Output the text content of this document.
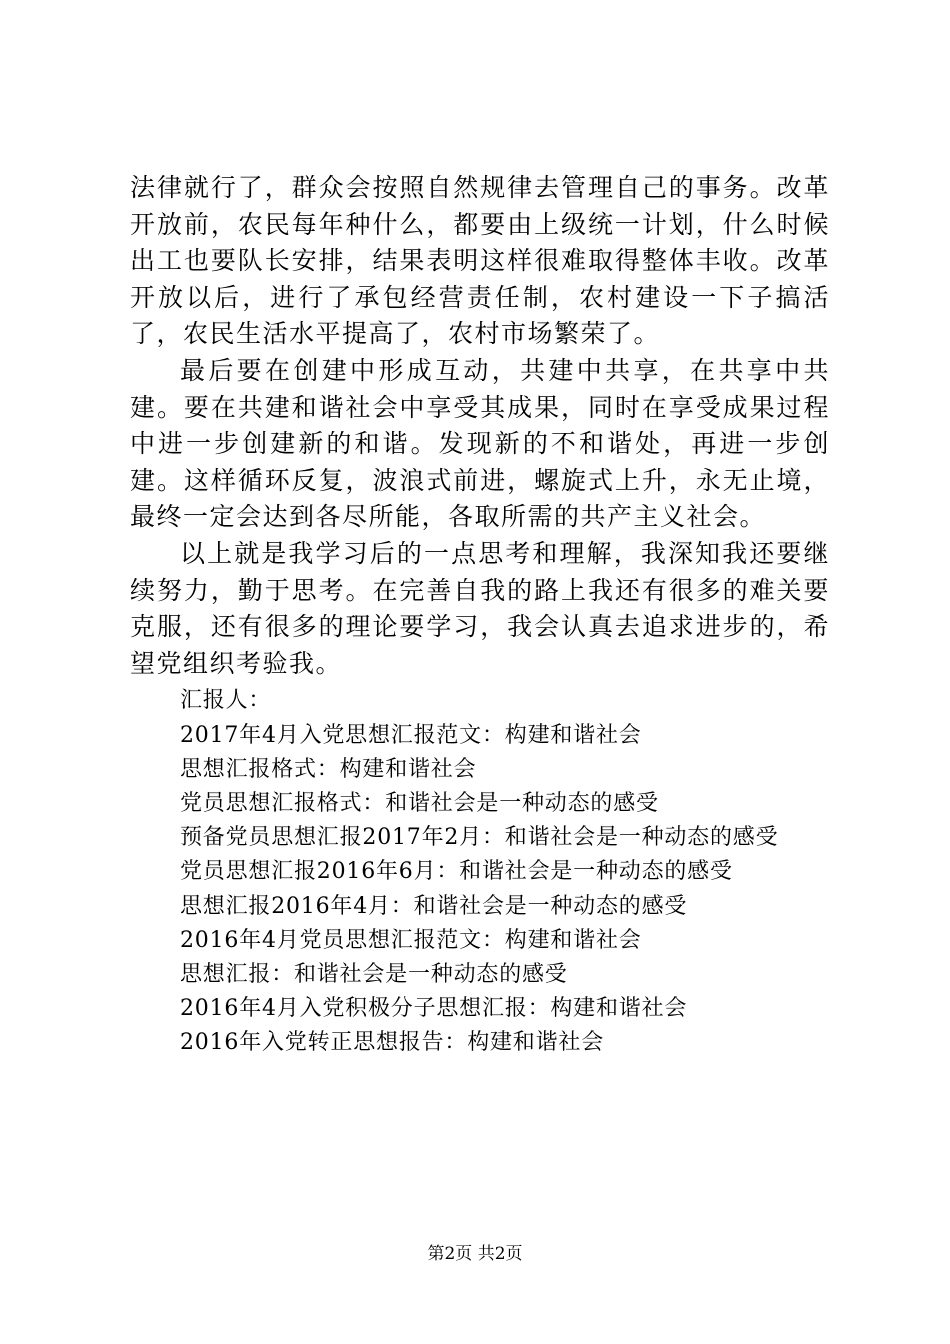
法律就行了，群众会按照自然规律去管理自己的事务。改革开放前，农民每年种什么，都要由上级统一计划，什么时候出工也要队长安排，结果表明这样很难取得整体丰收。改革开放以后，进行了承包经营责任制，农村建设一下子搞活了，农民生活水平提高了，农村市场繁荣了。

最后要在创建中形成互动，共建中共享，在共享中共建。要在共建和谐社会中享受其成果，同时在享受成果过程中进一步创建新的和谐。发现新的不和谐处，再进一步创建。这样循环反复，波浪式前进，螺旋式上升，永无止境，最终一定会达到各尽所能，各取所需的共产主义社会。

以上就是我学习后的一点思考和理解，我深知我还要继续努力，勤于思考。在完善自我的路上我还有很多的难关要克服，还有很多的理论要学习，我会认真去追求进步的，希望党组织考验我。

汇报人：

2017年4月入党思想汇报范文：构建和谐社会

思想汇报格式：构建和谐社会

党员思想汇报格式：和谐社会是一种动态的感受

预备党员思想汇报2017年2月：和谐社会是一种动态的感受

党员思想汇报2016年6月：和谐社会是一种动态的感受

思想汇报2016年4月：和谐社会是一种动态的感受

2016年4月党员思想汇报范文：构建和谐社会

思想汇报：和谐社会是一种动态的感受

2016年4月入党积极分子思想汇报：构建和谐社会

2016年入党转正思想报告：构建和谐社会

第2页 共2页
